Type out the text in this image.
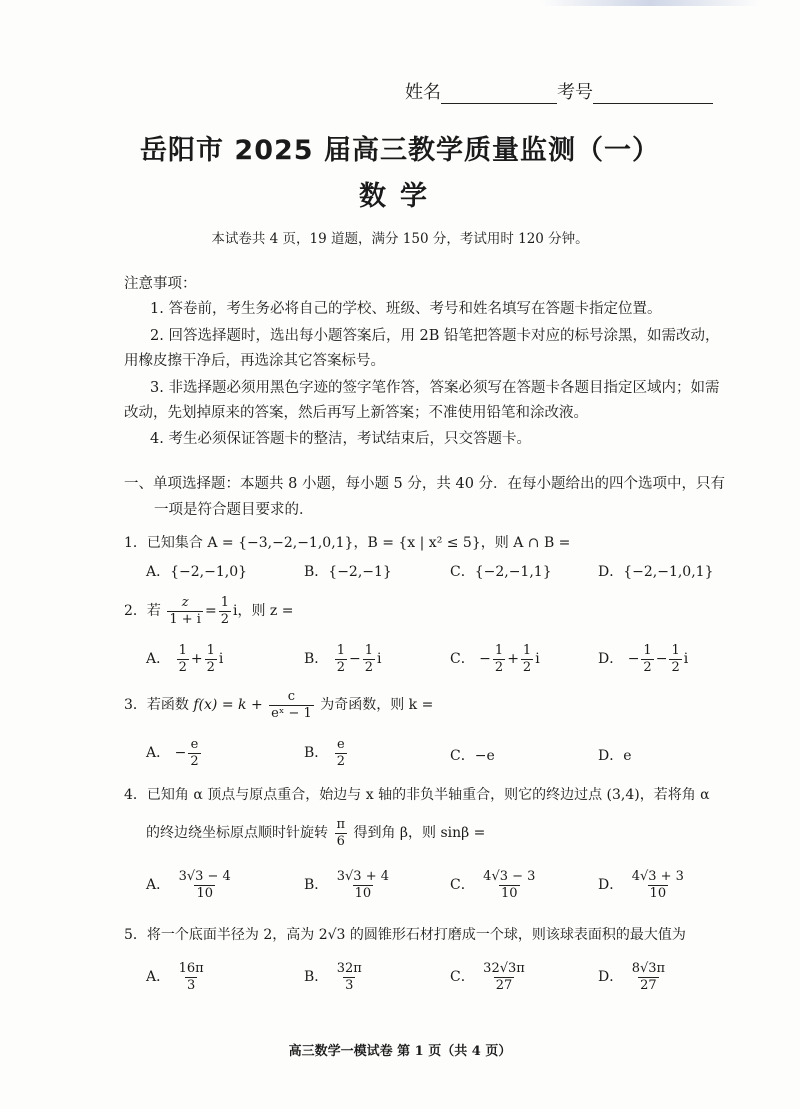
姓名	考号
岳阳市 2025 届高三教学质量监测（一）
数学
本试卷共 4 页，19 道题，满分 150 分，考试用时 120 分钟。
注意事项：
1. 答卷前，考生务必将自己的学校、班级、考号和姓名填写在答题卡指定位置。
2. 回答选择题时，选出每小题答案后，用 2B 铅笔把答题卡对应的标号涂黑，如需改动，
用橡皮擦干净后，再选涂其它答案标号。
3. 非选择题必须用黑色字迹的签字笔作答，答案必须写在答题卡各题目指定区域内；如需
改动，先划掉原来的答案，然后再写上新答案；不准使用铅笔和涂改液。
4. 考生必须保证答题卡的整洁，考试结束后，只交答题卡。
一、单项选择题：本题共 8 小题，每小题 5 分，共 40 分．在每小题给出的四个选项中，只有
一项是符合题目要求的．
1．已知集合 A = {−3,−2,−1,0,1}，B = {x | x² ≤ 5}，则 A ∩ B =
A．{−2,−1,0}	B．{−2,−1}	C．{−2,−1,1}	D．{−2,−1,0,1}
2．若 $\frac{z}{1 + i} = \frac{1}{2}$ i，则 z =
A． $\frac{1}{2} + \frac{1}{2}$ i	B． $\frac{1}{2} - \frac{1}{2}$ i	C． − $\frac{1}{2} + \frac{1}{2}$ i	D． − $\frac{1}{2} - \frac{1}{2}$ i
3．若函数 $f(x) = k + \frac{c}{\text{eˣ − 1}}$ 为奇函数，则 k =
A． − $\frac{e}{2}$	B． $\frac{e}{2}$	C．−e	D．e
4．已知角 α 顶点与原点重合，始边与 x 轴的非负半轴重合，则它的终边过点 (3,4)，若将角 α
的终边绕坐标原点顺时针旋转 $\frac{\pi}{6}$ 得到角 β，则 sinβ =
A． $\frac{3√3 - 4}{10}$	B． $\frac{3√3 + 4}{10}$	C． $\frac{4√3 - 3}{10}$	D． $\frac{4√3 + 3}{10}$
5．将一个底面半径为 2，高为 2√3 的圆锥形石材打磨成一个球，则该球表面积的最大值为
A． $\frac{16\pi}{3}$	B． $\frac{32\pi}{3}$	C． $\frac{32√3\pi}{27}$	D． $\frac{8√3\pi}{27}$
高三数学一模试卷 第 1 页（共 4 页）
